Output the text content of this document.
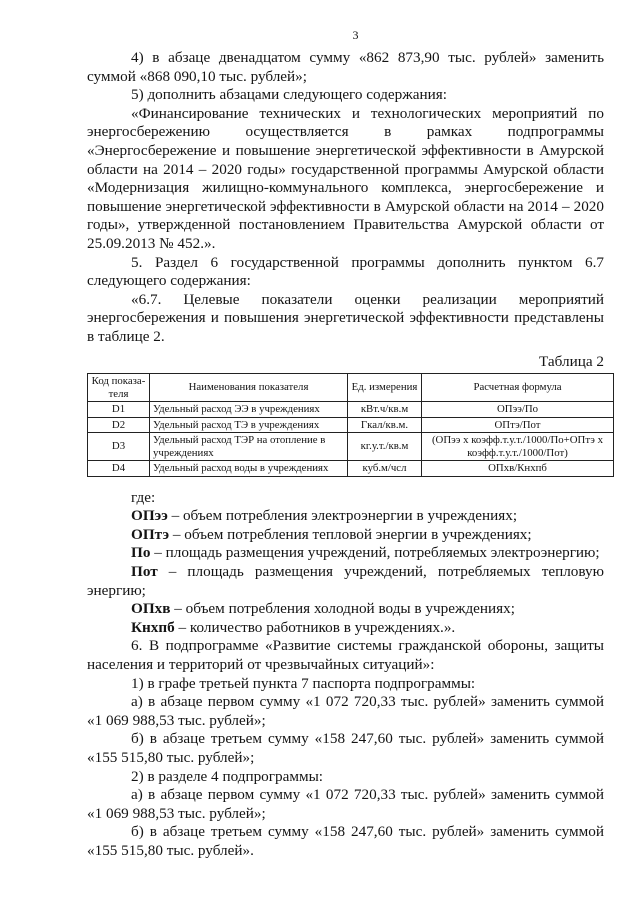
3

4) в абзаце двенадцатом сумму «862 873,90 тыс. рублей» заменить суммой «868 090,10 тыс. рублей»;

5) дополнить абзацами следующего содержания:

«Финансирование технических и технологических мероприятий по энергосбережению осуществляется в рамках подпрограммы «Энергосбережение и повышение энергетической эффективности в Амурской области на 2014 – 2020 годы» государственной программы Амурской области «Модернизация жилищно-коммунального комплекса, энергосбережение и повышение энергетической эффективности в Амурской области на 2014 – 2020 годы», утвержденной постановлением Правительства Амурской области от 25.09.2013 № 452.».

5. Раздел 6 государственной программы дополнить пунктом 6.7 следующего содержания:

«6.7. Целевые показатели оценки реализации мероприятий энергосбережения и повышения энергетической эффективности представлены в таблице 2.

Таблица 2

Код показа-теля	Наименования показателя	Ед. измерения	Расчетная формула
D1	Удельный расход ЭЭ в учреждениях	кВт.ч/кв.м	ОПээ/По
D2	Удельный расход ТЭ в учреждениях	Гкал/кв.м.	ОПтэ/Пот
D3	Удельный расход ТЭР на отопление в учреждениях	кг.у.т./кв.м	(ОПээ х коэфф.т.у.т./1000/По+ОПтэ х коэфф.т.у.т./1000/Пот)
D4	Удельный расход воды в учреждениях	куб.м/чсл	ОПхв/Кнхпб

где:

ОПээ – объем потребления электроэнергии в учреждениях;

ОПтэ – объем потребления тепловой энергии в учреждениях;

По – площадь размещения учреждений, потребляемых электроэнергию;

Пот – площадь размещения учреждений, потребляемых тепловую энергию;

ОПхв – объем потребления холодной воды в учреждениях;

Кнхпб – количество работников в учреждениях.».

6. В подпрограмме «Развитие системы гражданской обороны, защиты населения и территорий от чрезвычайных ситуаций»:

1) в графе третьей пункта 7 паспорта подпрограммы:

а) в абзаце первом сумму «1 072 720,33 тыс. рублей» заменить суммой «1 069 988,53 тыс. рублей»;

б) в абзаце третьем сумму «158 247,60 тыс. рублей» заменить суммой «155 515,80 тыс. рублей»;

2) в разделе 4 подпрограммы:

а) в абзаце первом сумму «1 072 720,33 тыс. рублей» заменить суммой «1 069 988,53 тыс. рублей»;

б) в абзаце третьем сумму «158 247,60 тыс. рублей» заменить суммой «155 515,80 тыс. рублей».
